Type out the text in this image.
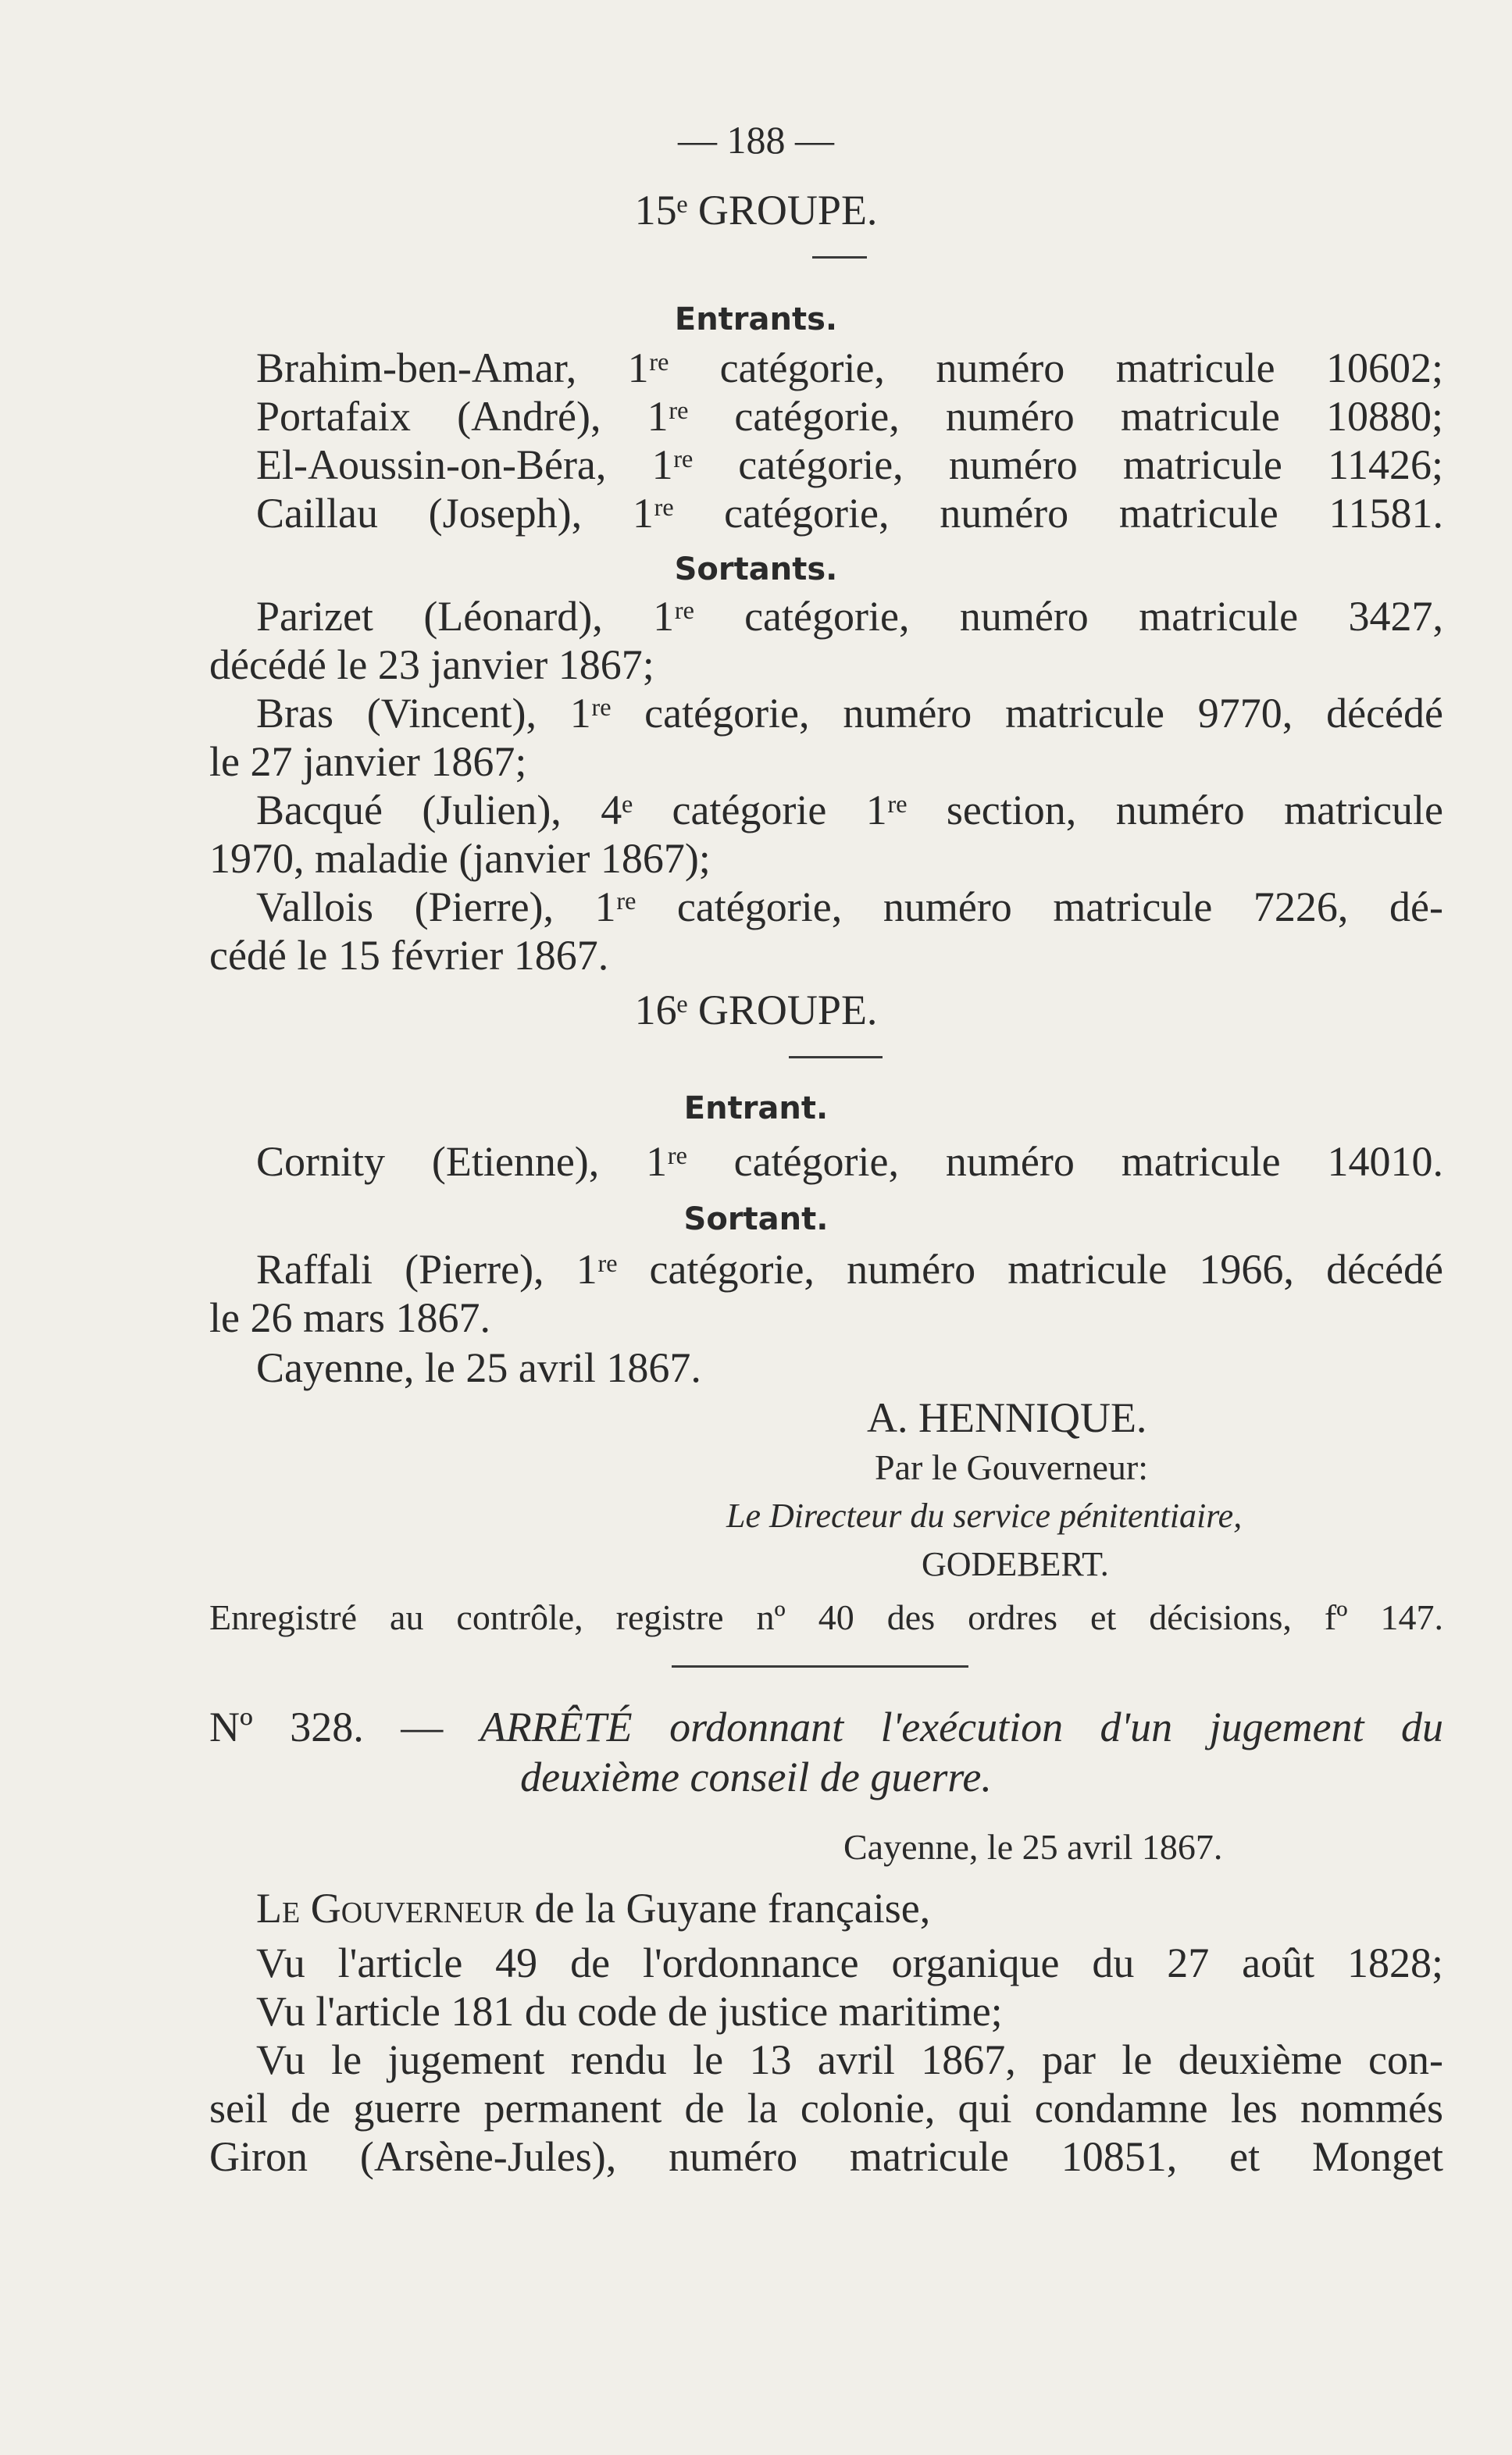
— 188 —
15ᵉ GROUPE.
Entrants.
Brahim-ben-Amar, 1ʳᵉ catégorie, numéro matricule 10602;
Portafaix (André), 1ʳᵉ catégorie, numéro matricule 10880;
El-Aoussin-on-Béra, 1ʳᵉ catégorie, numéro matricule 11426;
Caillau (Joseph), 1ʳᵉ catégorie, numéro matricule 11581.
Sortants.
Parizet (Léonard), 1ʳᵉ catégorie, numéro matricule 3427,
décédé le 23 janvier 1867;
Bras (Vincent), 1ʳᵉ catégorie, numéro matricule 9770, décédé
le 27 janvier 1867;
Bacqué (Julien), 4ᵉ catégorie 1ʳᵉ section, numéro matricule
1970, maladie (janvier 1867);
Vallois (Pierre), 1ʳᵉ catégorie, numéro matricule 7226, dé-
cédé le 15 février 1867.
16ᵉ GROUPE.
Entrant.
Cornity (Etienne), 1ʳᵉ catégorie, numéro matricule 14010.
Sortant.
Raffali (Pierre), 1ʳᵉ catégorie, numéro matricule 1966, décédé
le 26 mars 1867.
Cayenne, le 25 avril 1867.
A. HENNIQUE.
Par le Gouverneur:
Le Directeur du service pénitentiaire,
GODEBERT.
Enregistré au contrôle, registre nº 40 des ordres et décisions, fº 147.
Nº 328. — ARRÊTÉ ordonnant l'exécution d'un jugement du
deuxième conseil de guerre.
Cayenne, le 25 avril 1867.
Le Gouverneur de la Guyane française,
Vu l'article 49 de l'ordonnance organique du 27 août 1828;
Vu l'article 181 du code de justice maritime;
Vu le jugement rendu le 13 avril 1867, par le deuxième con-
seil de guerre permanent de la colonie, qui condamne les nommés
Giron (Arsène-Jules), numéro matricule 10851, et Monget
